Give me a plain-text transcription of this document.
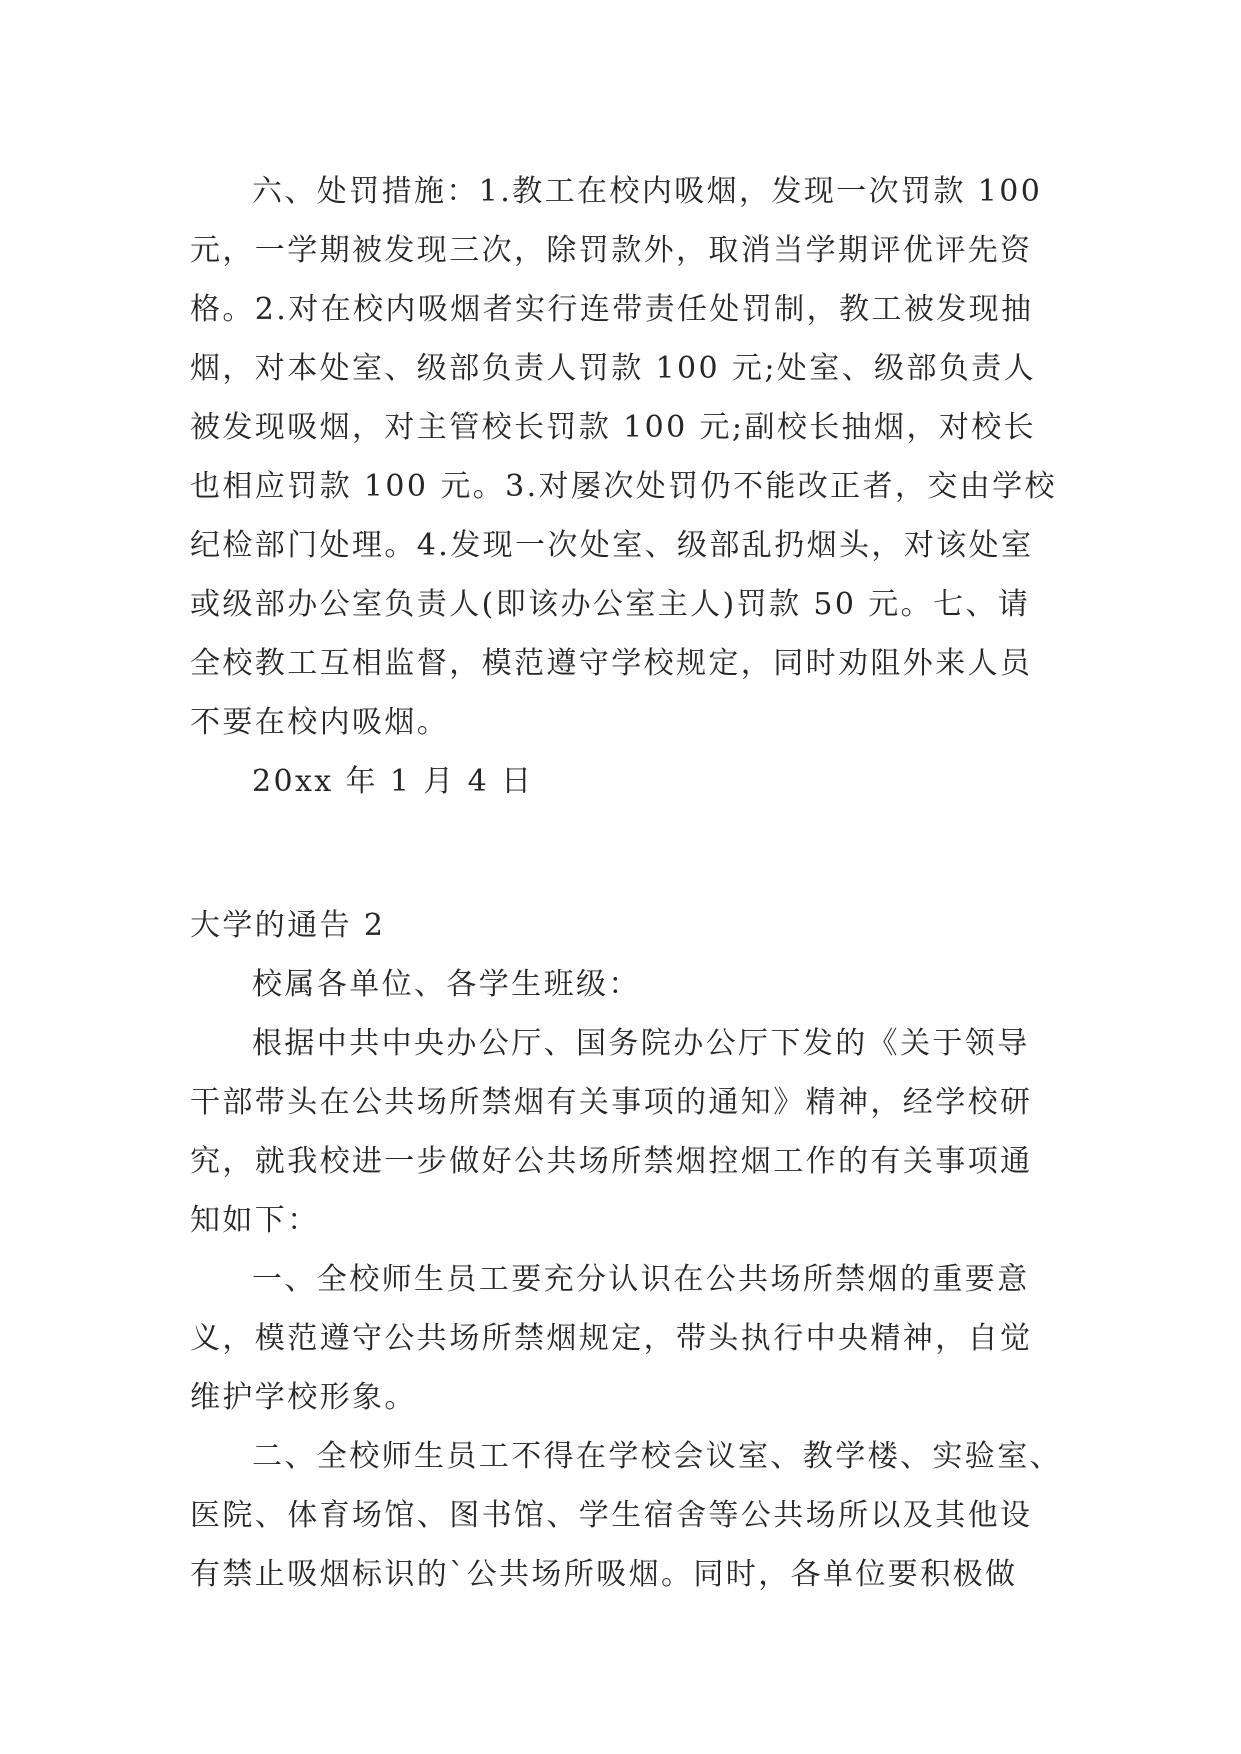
六、处罚措施：1.教工在校内吸烟，发现一次罚款 100
元，一学期被发现三次，除罚款外，取消当学期评优评先资
格。2.对在校内吸烟者实行连带责任处罚制，教工被发现抽
烟，对本处室、级部负责人罚款 100 元;处室、级部负责人
被发现吸烟，对主管校长罚款 100 元;副校长抽烟，对校长
也相应罚款 100 元。3.对屡次处罚仍不能改正者，交由学校
纪检部门处理。4.发现一次处室、级部乱扔烟头，对该处室
或级部办公室负责人(即该办公室主人)罚款 50 元。七、请
全校教工互相监督，模范遵守学校规定，同时劝阻外来人员
不要在校内吸烟。
20xx 年 1 月 4 日
大学的通告 2
校属各单位、各学生班级：
根据中共中央办公厅、国务院办公厅下发的《关于领导
干部带头在公共场所禁烟有关事项的通知》精神，经学校研
究，就我校进一步做好公共场所禁烟控烟工作的有关事项通
知如下：
一、全校师生员工要充分认识在公共场所禁烟的重要意
义，模范遵守公共场所禁烟规定，带头执行中央精神，自觉
维护学校形象。
二、全校师生员工不得在学校会议室、教学楼、实验室、
医院、体育场馆、图书馆、学生宿舍等公共场所以及其他设
有禁止吸烟标识的`公共场所吸烟。同时，各单位要积极做
